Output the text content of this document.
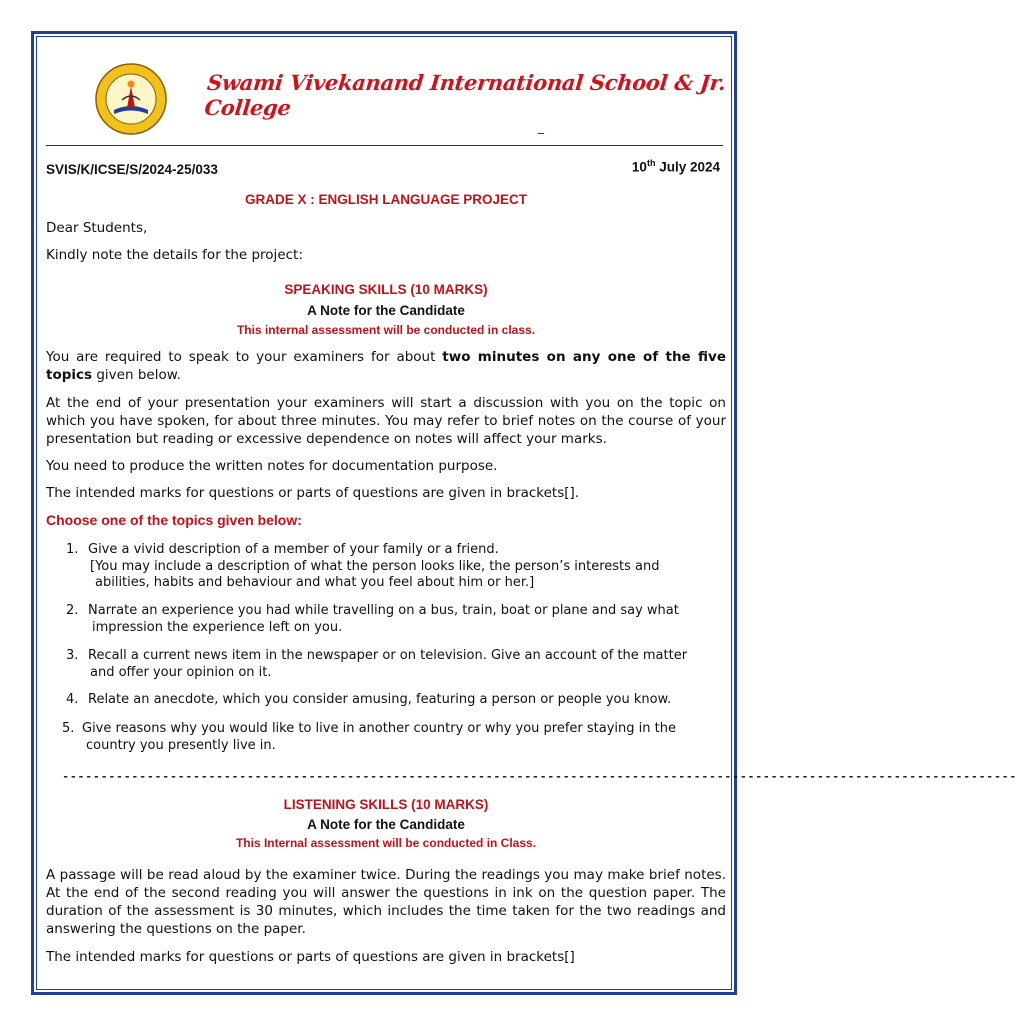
Swami Vivekanand International School & Jr. College
_
SVIS/K/ICSE/S/2024-25/033	10th July 2024
GRADE X : ENGLISH LANGUAGE PROJECT
Dear Students,
Kindly note the details for the project:
SPEAKING SKILLS (10 MARKS)
A Note for the Candidate
This internal assessment will be conducted in class.
You are required to speak to your examiners for about two minutes on any one of the five topics given below.
At the end of your presentation your examiners will start a discussion with you on the topic on which you have spoken, for about three minutes. You may refer to brief notes on the course of your presentation but reading or excessive dependence on notes will affect your marks.
You need to produce the written notes for documentation purpose.
The intended marks for questions or parts of questions are given in brackets[].
Choose one of the topics given below:
1. Give a vivid description of a member of your family or a friend.
[You may include a description of what the person looks like, the person’s interests and
abilities, habits and behaviour and what you feel about him or her.]
2. Narrate an experience you had while travelling on a bus, train, boat or plane and say what
impression the experience left on you.
3. Recall a current news item in the newspaper or on television. Give an account of the matter
and offer your opinion on it.
4. Relate an anecdote, which you consider amusing, featuring a person or people you know.
5. Give reasons why you would like to live in another country or why you prefer staying in the
country you presently live in.
----------------------------------------------------------------------------------------------------------------------------
LISTENING SKILLS (10 MARKS)
A Note for the Candidate
This Internal assessment will be conducted in Class.
A passage will be read aloud by the examiner twice. During the readings you may make brief notes. At the end of the second reading you will answer the questions in ink on the question paper. The duration of the assessment is 30 minutes, which includes the time taken for the two readings and answering the questions on the paper.
The intended marks for questions or parts of questions are given in brackets[]
